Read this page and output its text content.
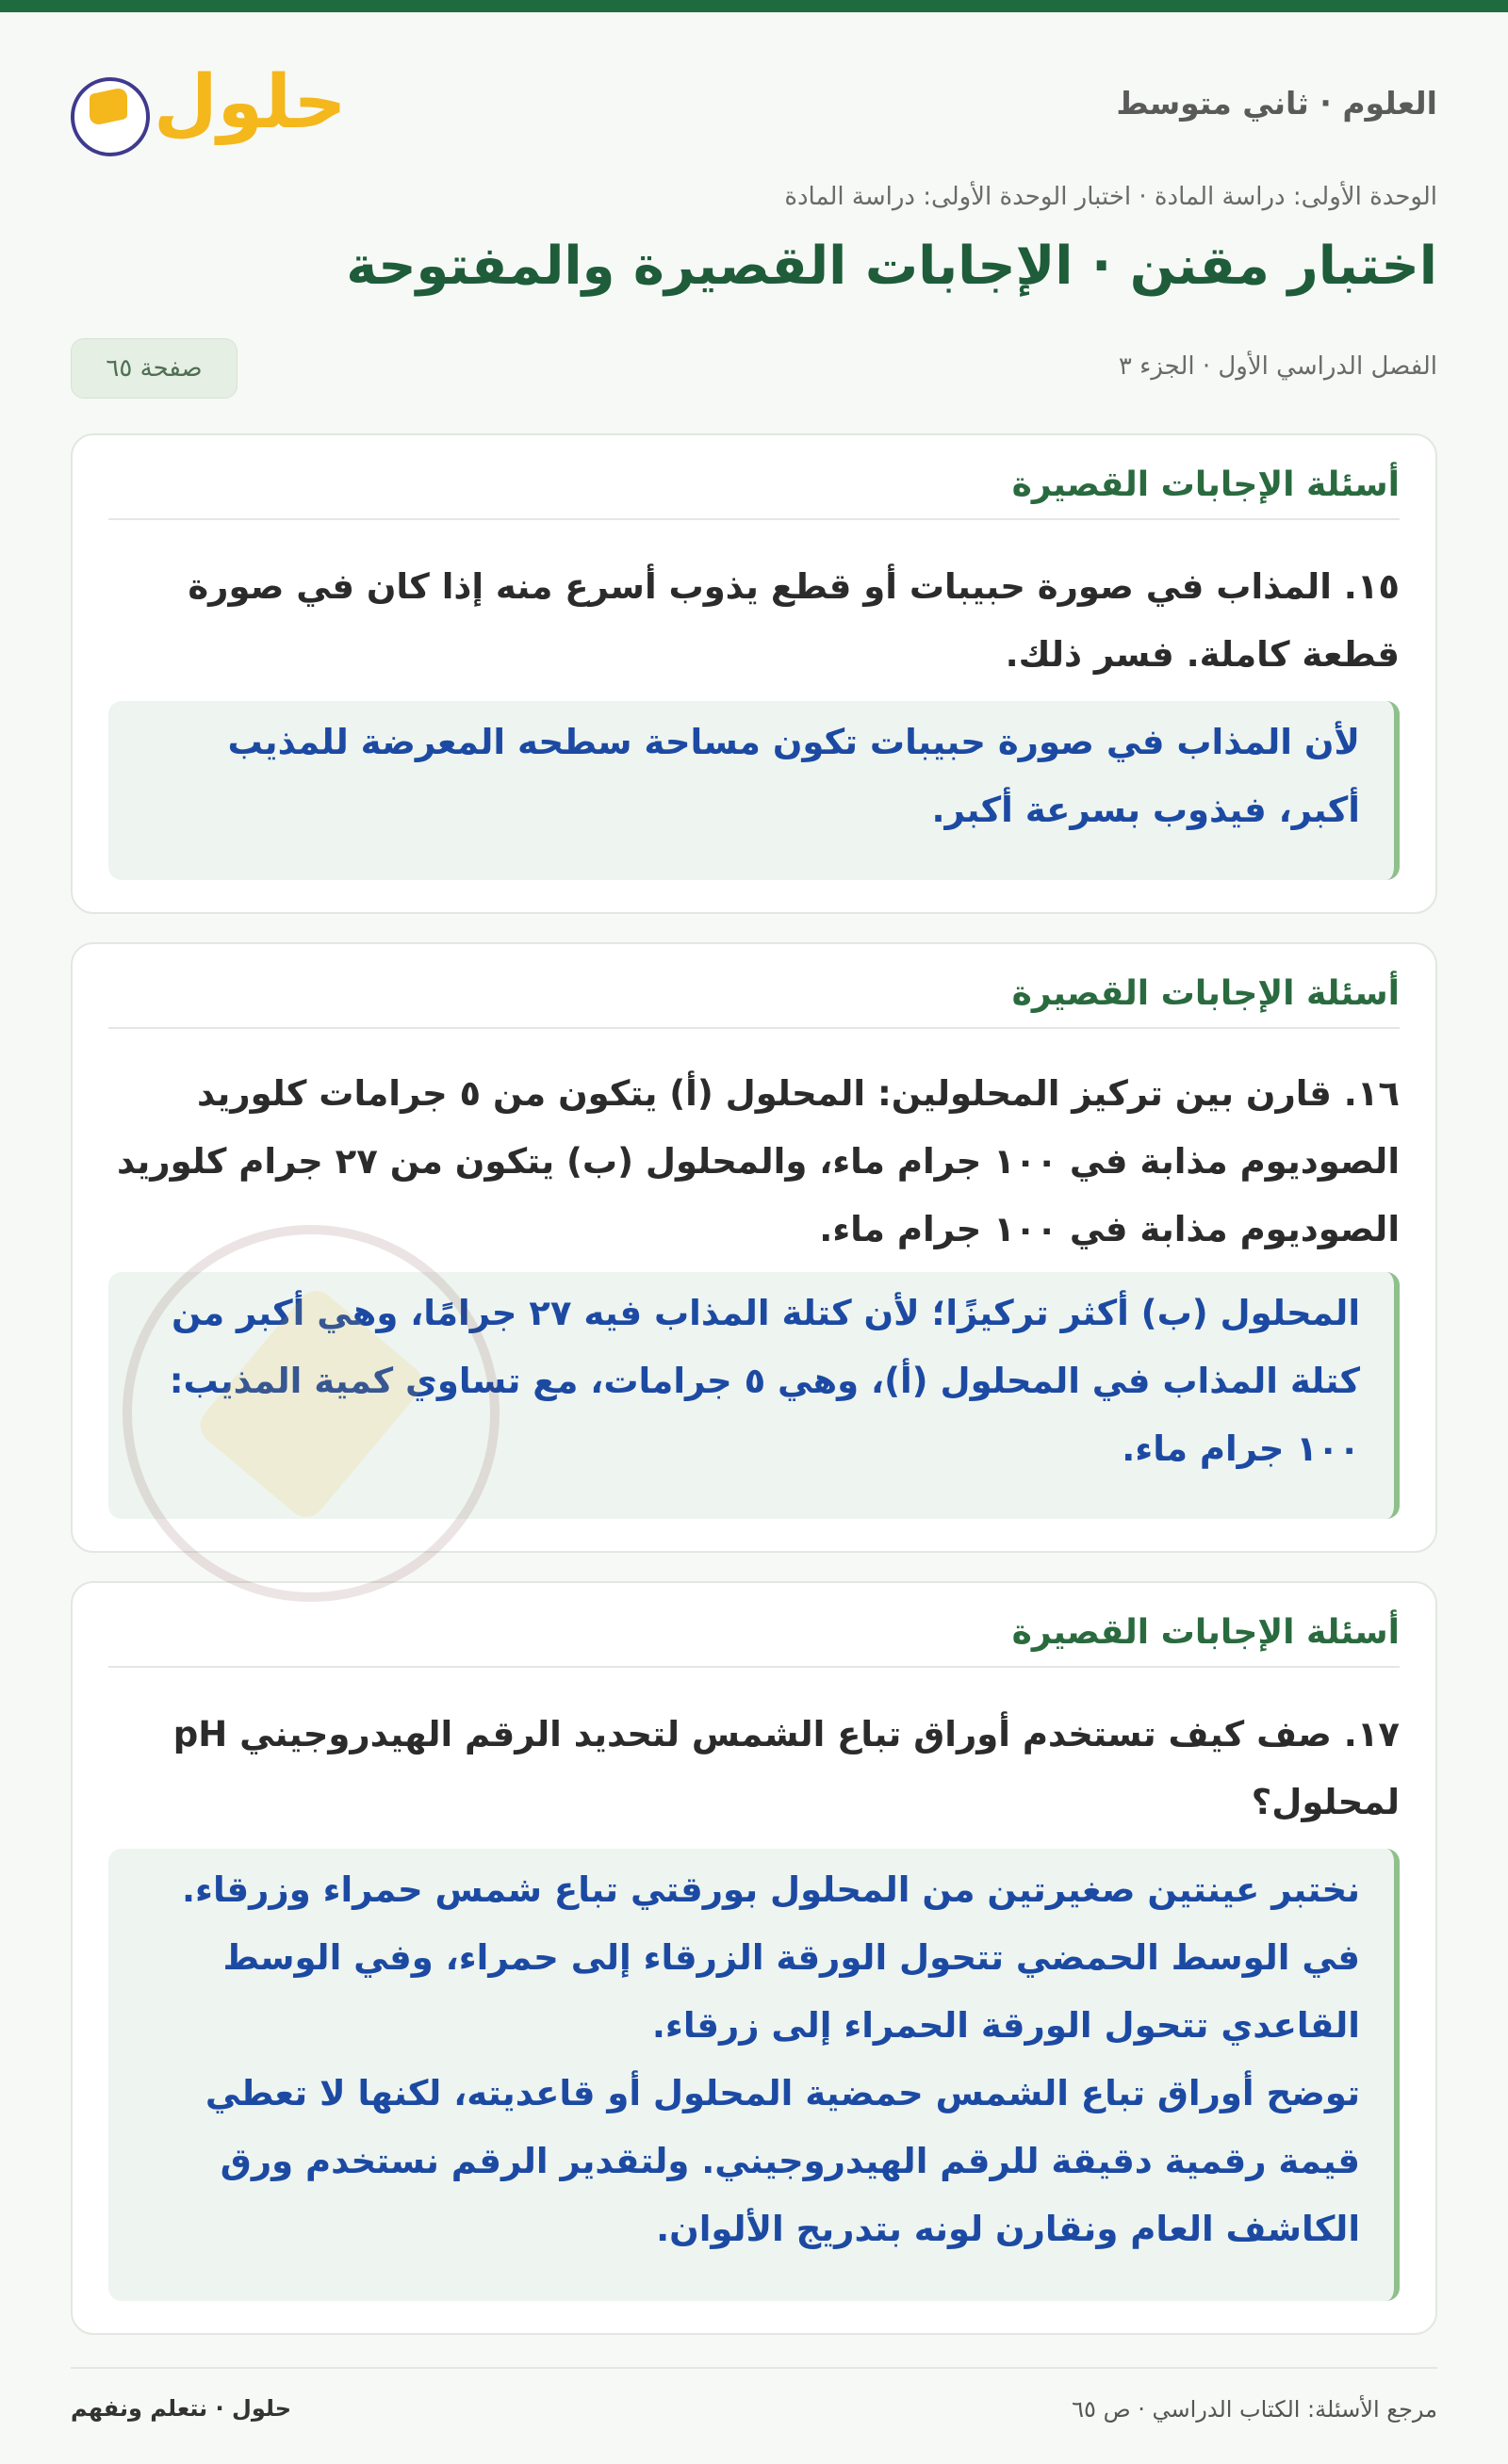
العلوم · ثاني متوسط
حلول
الوحدة الأولى: دراسة المادة · اختبار الوحدة الأولى: دراسة المادة
اختبار مقنن · الإجابات القصيرة والمفتوحة
الفصل الدراسي الأول · الجزء ٣
صفحة ٦٥
أسئلة الإجابات القصيرة
١٥. المذاب في صورة حبيبات أو قطع يذوب أسرع منه إذا كان في صورة قطعة كاملة. فسر ذلك.

لأن المذاب في صورة حبيبات تكون مساحة سطحه المعرضة للمذيب أكبر، فيذوب بسرعة أكبر.

أسئلة الإجابات القصيرة
١٦. قارن بين تركيز المحلولين: المحلول (أ) يتكون من ٥ جرامات كلوريد الصوديوم مذابة في ١٠٠ جرام ماء، والمحلول (ب) يتكون من ٢٧ جرام كلوريد الصوديوم مذابة في ١٠٠ جرام ماء.

المحلول (ب) أكثر تركيزًا؛ لأن كتلة المذاب فيه ٢٧ جرامًا، وهي أكبر من كتلة المذاب في المحلول (أ)، وهي ٥ جرامات، مع تساوي كمية المذيب: ١٠٠ جرام ماء.

أسئلة الإجابات القصيرة
١٧. صف كيف تستخدم أوراق تباع الشمس لتحديد الرقم الهيدروجيني pH لمحلول؟

نختبر عينتين صغيرتين من المحلول بورقتي تباع شمس حمراء وزرقاء. في الوسط الحمضي تتحول الورقة الزرقاء إلى حمراء، وفي الوسط القاعدي تتحول الورقة الحمراء إلى زرقاء.

توضح أوراق تباع الشمس حمضية المحلول أو قاعديته، لكنها لا تعطي قيمة رقمية دقيقة للرقم الهيدروجيني. ولتقدير الرقم نستخدم ورق الكاشف العام ونقارن لونه بتدريج الألوان.

حلول · نتعلم ونفهم	مرجع الأسئلة: الكتاب الدراسي · ص ٦٥
